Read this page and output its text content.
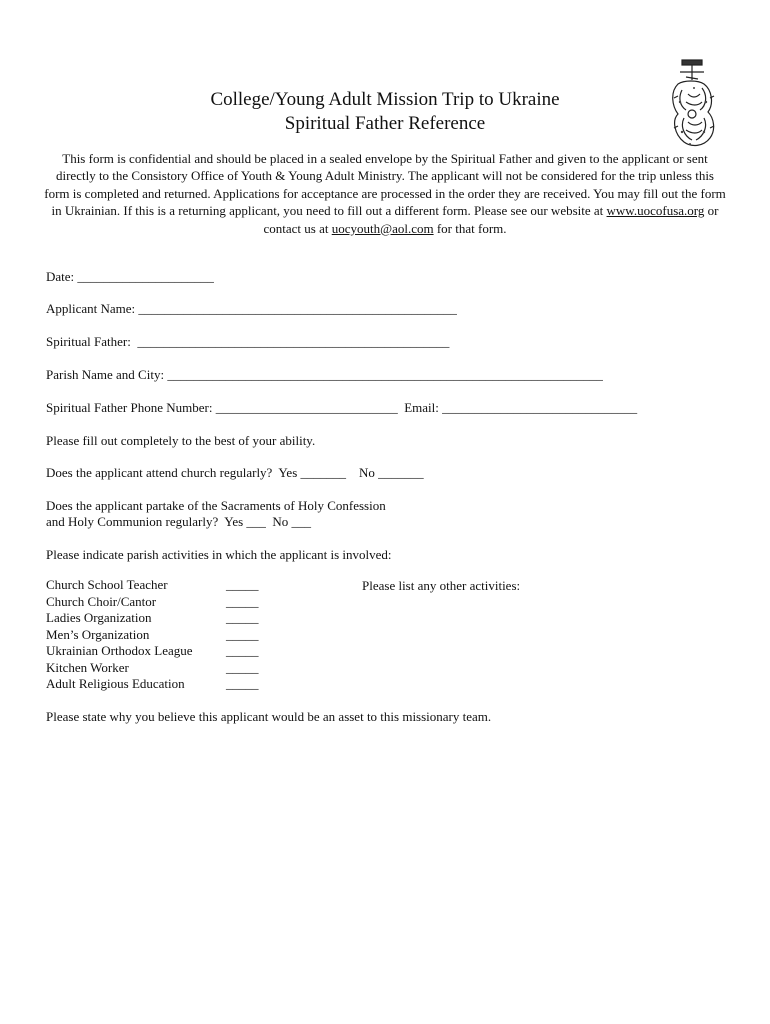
College/Young Adult Mission Trip to Ukraine
Spiritual Father Reference
This form is confidential and should be placed in a sealed envelope by the Spiritual Father and given to the applicant or sent directly to the Consistory Office of Youth & Young Adult Ministry. The applicant will not be considered for the trip unless this form is completed and returned. Applications for acceptance are processed in the order they are received. You may fill out the form in Ukrainian. If this is a returning applicant, you need to fill out a different form. Please see our website at www.uocofusa.org or contact us at uocyouth@aol.com for that form.
Date: _____________________
Applicant Name: _________________________________________________
Spiritual Father:  ________________________________________________
Parish Name and City: ___________________________________________________________________
Spiritual Father Phone Number: ____________________________  Email: ______________________________
Please fill out completely to the best of your ability.
Does the applicant attend church regularly?  Yes _______    No _______
Does the applicant partake of the Sacraments of Holy Confession
and Holy Communion regularly?  Yes ___  No ___
Please indicate parish activities in which the applicant is involved:
Church School Teacher	_____
Church Choir/Cantor	_____
Ladies Organization	_____
Men’s Organization	_____
Ukrainian Orthodox League	_____
Kitchen Worker	_____
Adult Religious Education	_____
Please list any other activities:
Please state why you believe this applicant would be an asset to this missionary team.
